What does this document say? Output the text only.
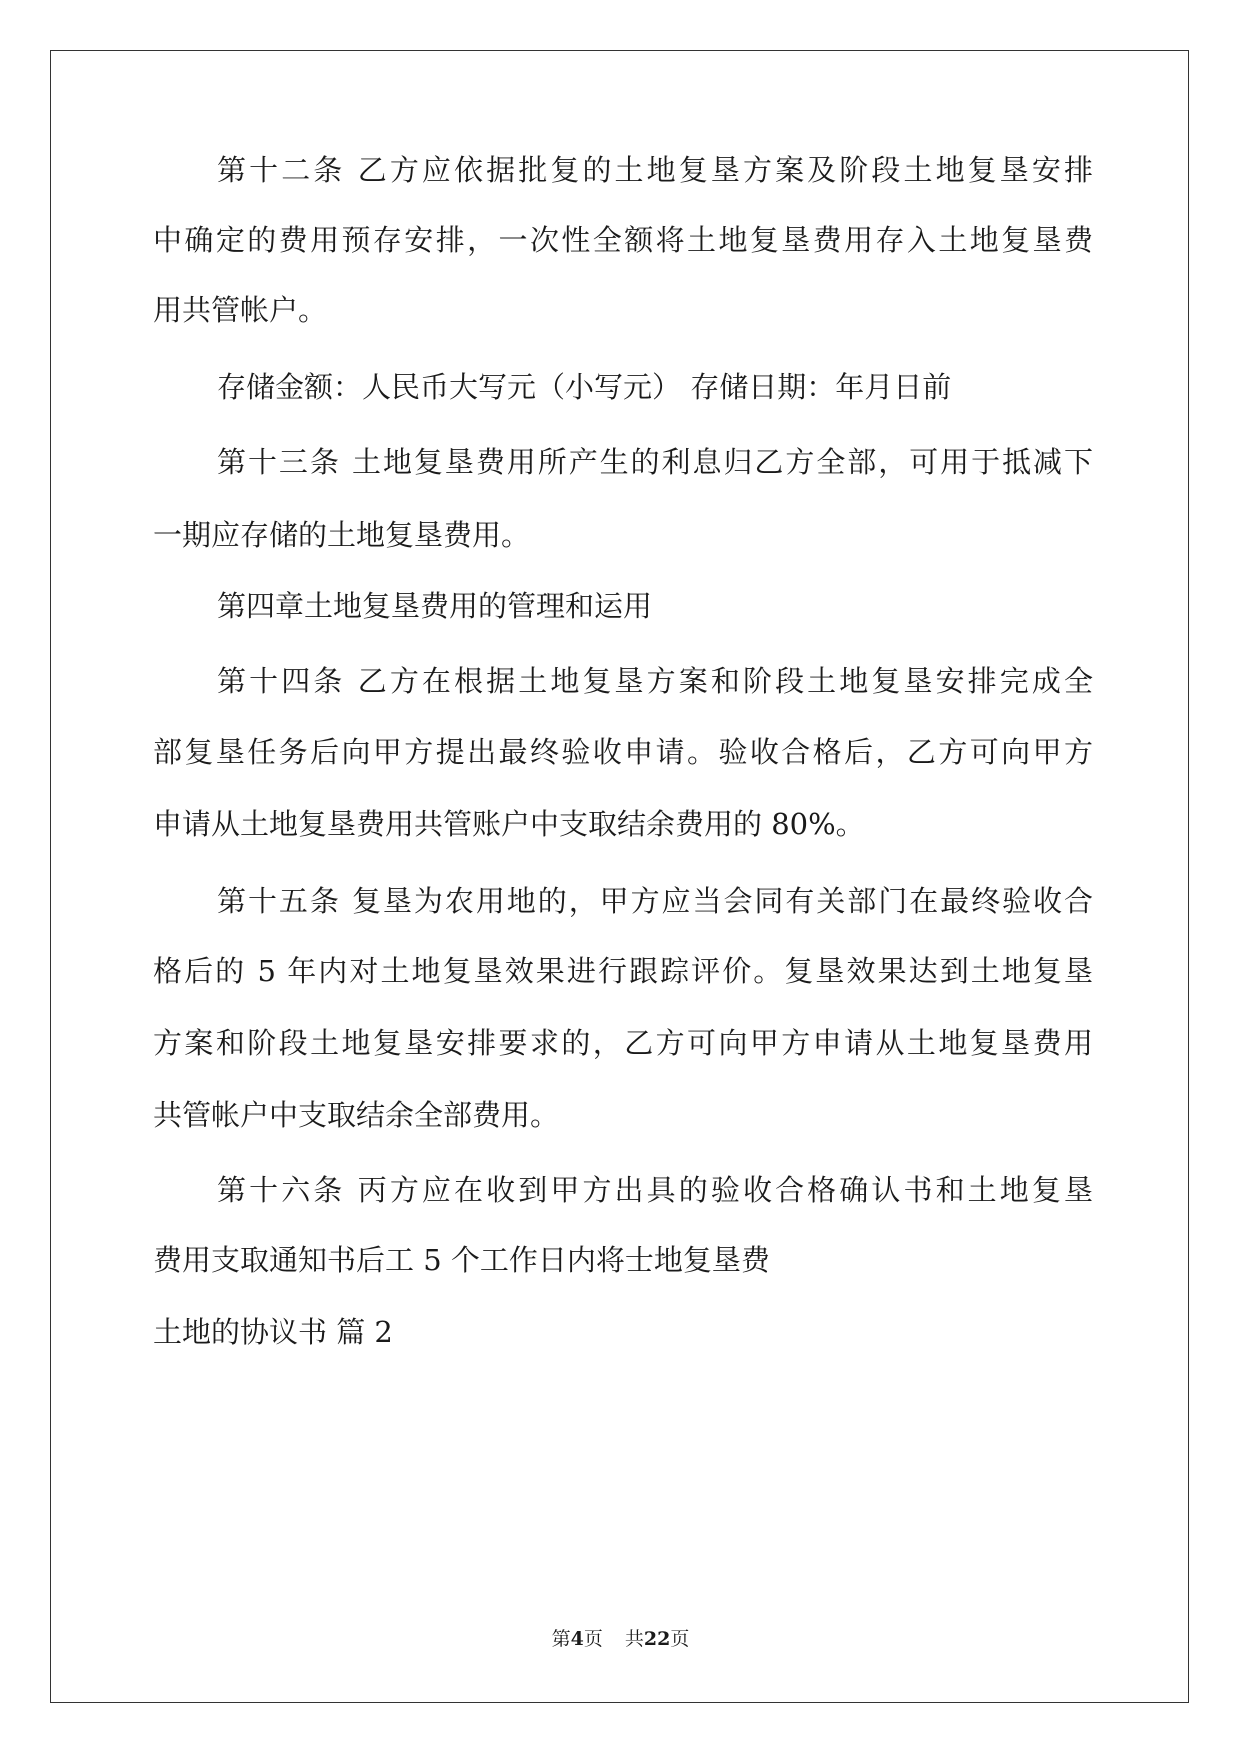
第十二条 乙方应依据批复的土地复垦方案及阶段土地复垦安排
中确定的费用预存安排，一次性全额将土地复垦费用存入土地复垦费
用共管帐户。
存储金额：人民币大写元（小写元） 存储日期：年月日前
第十三条 土地复垦费用所产生的利息归乙方全部，可用于抵减下
一期应存储的土地复垦费用。
第四章土地复垦费用的管理和运用
第十四条 乙方在根据土地复垦方案和阶段土地复垦安排完成全
部复垦任务后向甲方提出最终验收申请。验收合格后，乙方可向甲方
申请从土地复垦费用共管账户中支取结余费用的 80%。
第十五条 复垦为农用地的，甲方应当会同有关部门在最终验收合
格后的 5 年内对土地复垦效果进行跟踪评价。复垦效果达到土地复垦
方案和阶段土地复垦安排要求的，乙方可向甲方申请从土地复垦费用
共管帐户中支取结余全部费用。
第十六条 丙方应在收到甲方出具的验收合格确认书和土地复垦
费用支取通知书后工 5 个工作日内将士地复垦费
土地的协议书 篇 2
第4页 共22页
